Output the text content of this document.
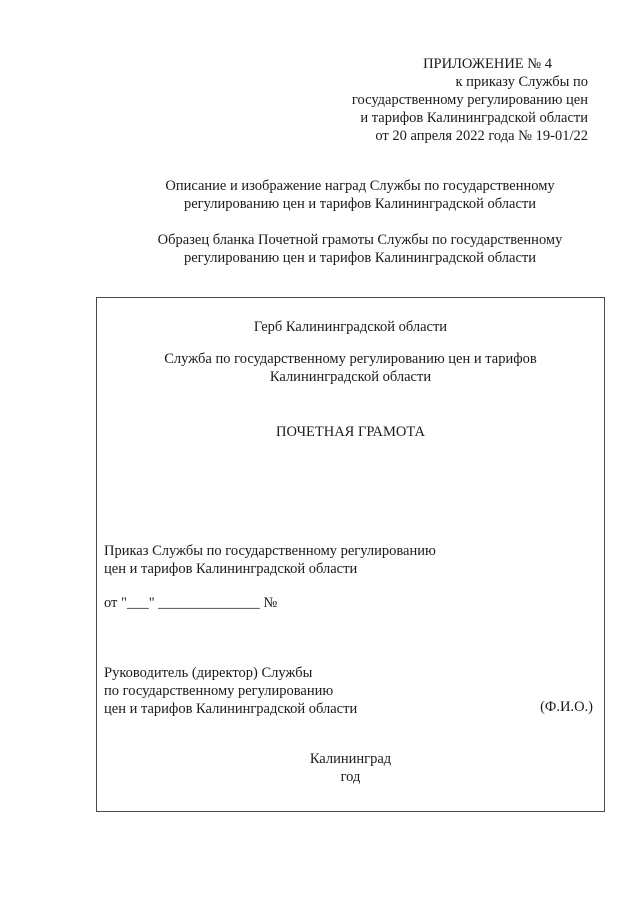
ПРИЛОЖЕНИЕ № 4
к приказу Службы по
государственному регулированию цен
и тарифов Калининградской области
от 20 апреля 2022 года № 19-01/22
Описание и изображение наград Службы по государственному
регулированию цен и тарифов Калининградской области
Образец бланка Почетной грамоты Службы по государственному
регулированию цен и тарифов Калининградской области
Герб Калининградской области
Служба по государственному регулированию цен и тарифов
Калининградской области
ПОЧЕТНАЯ ГРАМОТА
Приказ Службы по государственному регулированию
цен и тарифов Калининградской области
от "___" ______________ №
Руководитель (директор) Службы
по государственному регулированию
цен и тарифов Калининградской области	(Ф.И.О.)
Калининград
год
